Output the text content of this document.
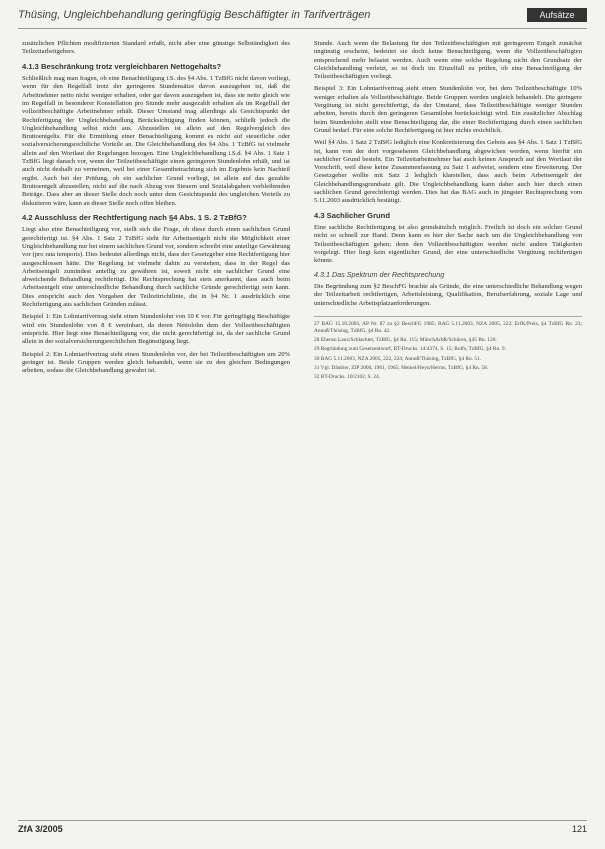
Thüsing, Ungleichbehandlung geringfügig Beschäftigter in Tarifverträgen	Aufsätze

zusätzlichen Pflichten modifizierten Standard erfaßt, nicht aber eine günstige Selbständigkeit des Teilzeitarbeitgebers.

4.1.3 Beschränkung trotz vergleichbaren Nettogehalts?

Schließlich mag man fragen, ob eine Benachteiligung i.S. des §4 Abs. 1 TzBfG nicht davon vorliegt, wenn für den Regelfall trotz der geringeren Stundensätze davon auszugehen ist, daß die Arbeitnehmer netto nicht weniger erhalten, oder gar davon auszugehen ist, dass sie netto gleich wie im Regelfall in besonderer Konstellation pro Stunde mehr ausgezahlt erhalten als im Regelfall der vollzeitbeschäftigte Arbeitnehmer erhält. Dieser Umstand mag allerdings als Gesichtspunkt der Rechtfertigung der Ungleichbehandlung Berücksichtigung finden können, schließt jedoch die Ungleichbehandlung selbst nicht aus. Abzustellen ist allein auf den Regelvergleich des Bruttoentgelts. Für die Ermittlung einer Benachteiligung kommt es nicht auf steuerliche oder sozialversicherungsrechtliche Vorteile an. Die Gleichbehandlung des §4 Abs. 1 TzBfG ist vielmehr allein auf den Wortlaut der Regelungen bezogen. Eine Ungleichbehandlung i.S.d. §4 Abs. 1 Satz 1 TzBfG liegt danach vor, wenn der Teilzeitbeschäftigte einen geringeren Stundenlohn erhält, und ist auch nicht deshalb zu verneinen, weil bei einer Gesamtbetrachtung sich im Ergebnis kein Nachteil ergibt. Auch bei der Prüfung, ob ein sachlicher Grund vorliegt, ist allein auf das gezahlte Bruttoentgelt abzustellen, nicht auf die nach Abzug von Steuern und Sozialabgaben verbleibenden Beträge. Dass aber an dieser Stelle doch noch unter dem Gesichtspunkt des ungleichen Vorteils zu diskutieren wäre, kann an dieser Stelle noch offen bleiben.

4.2 Ausschluss der Rechtfertigung nach §4 Abs. 1 S. 2 TzBfG?

Liegt also eine Benachteiligung vor, stellt sich die Frage, ob diese durch einen sachlichen Grund gerechtfertigt ist. §4 Abs. 1 Satz 2 TzBfG sieht für Arbeitsentgelt nicht die Möglichkeit einer Ungleichbehandlung nur bei einem sachlichen Grund vor, sondern schreibt eine anteilige Gewährung vor (pro rata temporis). Dies bedeutet allerdings nicht, dass der Gesetzgeber eine Rechtfertigung hier ausgeschlossen hätte. Die Regelung ist vielmehr dahin zu verstehen, dass in der Regel das Arbeitsentgelt zumindest anteilig zu gewähren ist, soweit nicht ein sachlicher Grund eine abweichende Behandlung rechtfertigt. Die Rechtsprechung hat stets anerkannt, dass auch beim Arbeitsentgelt eine unterschiedliche Behandlung durch sachliche Gründe gerechtfertigt sein kann. Dies entspricht auch den Vorgaben der Teilzeitrichtlinie, die in §4 Nr. 1 ausdrücklich eine Rechtfertigung aus sachlichen Gründen zulässt.

Beispiel 1: Ein Lohntarifvertrag sieht einen Stundenlohn von 10 € vor. Für geringfügig Beschäftigte wird ein Stundenlohn von 8 € vereinbart, da deren Nettolohn dem der Vollzeitbeschäftigten entspricht. Hier liegt eine Benachteiligung vor, die nicht gerechtfertigt ist, da der sachliche Grund allein in der sozialversicherungsrechtlichen Begünstigung liegt.

Beispiel 2: Ein Lohntarifvertrag sieht einen Stundenlohn vor, der bei Teilzeitbeschäftigten um 20% geringer ist. Beide Gruppen werden gleich behandelt, wenn sie zu den gleichen Bedingungen arbeiten, sodass die Gleichbehandlung gewahrt ist.

Stunde. Auch wenn die Belastung für den Teilzeitbeschäftigten mit geringerem Entgelt zunächst ungünstig erscheint, bedeutet sie doch keine Benachteiligung, wenn die Vollzeitbeschäftigten entsprechend mehr belastet werden. Auch wenn eine solche Regelung nicht den Grundsatz der Gleichbehandlung verletzt, so ist doch im Einzelfall zu prüfen, ob eine Benachteiligung der Teilzeitbeschäftigten vorliegt.

Beispiel 3: Ein Lohntarifvertrag sieht einen Stundenlohn vor, bei dem Teilzeitbeschäftigte 10% weniger erhalten als Vollzeitbeschäftigte. Beide Gruppen werden ungleich behandelt. Die geringere Vergütung ist nicht gerechtfertigt, da der Umstand, dass Teilzeitbeschäftigte weniger Stunden arbeiten, bereits durch den geringeren Gesamtlohn berücksichtigt wird. Ein zusätzlicher Abschlag beim Stundenlohn stellt eine Benachteiligung dar, die einer Rechtfertigung durch einen sachlichen Grund bedarf. Für eine solche Rechtfertigung ist hier nichts ersichtlich.

Weil §4 Abs. 1 Satz 2 TzBfG lediglich eine Konkretisierung des Gebots aus §4 Abs. 1 Satz 1 TzBfG ist, kann von der dort vorgesehenen Gleichbehandlung abgewichen werden, wenn hierfür ein sachlicher Grund besteht. Ein Teilzeitarbeitnehmer hat auch keinen Anspruch auf den Wortlaut der Vorschrift, weil diese keine Zusammenfassung zu Satz 1 aufweist, sondern eine Erweiterung. Der Gesetzgeber wollte mit Satz 2 lediglich klarstellen, dass auch beim Arbeitsentgelt der Gleichbehandlungsgrundsatz gilt. Die Ungleichbehandlung kann daher auch hier durch einen sachlichen Grund gerechtfertigt werden. Dies hat das BAG auch in jüngster Rechtsprechung vom 5.11.2003 ausdrücklich bestätigt.

4.3 Sachlicher Grund

Eine sachliche Rechtfertigung ist also grundsätzlich möglich. Freilich ist doch ein solcher Grund nicht so schnell zur Hand. Denn kann es hier der Sache nach um die Ungleichbehandlung von Teilzeitbeschäftigten gehen; denn den Vollzeitbeschäftigten werden nicht andere Tätigkeiten vorgelegt. Hier liegt kein eigentlicher Grund, der eine unterschiedliche Vergütung rechtfertigen könnte.

4.3.1 Das Spektrum der Rechtsprechung

Die Begründung zum §2 BeschFG brachte als Gründe, die eine unterschiedliche Behandlung wegen der Teilzeitarbeit rechtfertigen, Arbeitsleistung, Qualifikation, Berufserfahrung, soziale Lage und unterschiedliche Arbeitsplatzanforderungen.

27 BAG 15.10.2003, AP Nr. 87 zu §2 BeschFG 1985; BAG 5.11.2003, NZA 2005, 222; ErfK/Preis, §4 TzBfG Rn. 23; Annuß/Thüsing, TzBfG, §4 Rn. 42.
28 Ebenso Laux/Schlachter, TzBfG, §4 Rn. 115; MünchArbR/Schüren, §45 Rn. 120.
29 Begründung zum Gesetzentwurf, BT-Drucks. 14/4374, S. 15; Rolfs, TzBfG, §4 Rn. 9.
30 BAG 5.11.2003, NZA 2005, 222, 224; Annuß/Thüsing, TzBfG, §4 Rn. 51.
31 Vgl. Däubler, ZIP 2000, 1961, 1965; Meinel/Heyn/Herms, TzBfG, §4 Rn. 58.
32 BT-Drucks. 10/2102, S. 24.
ZfA 3/2005	121
